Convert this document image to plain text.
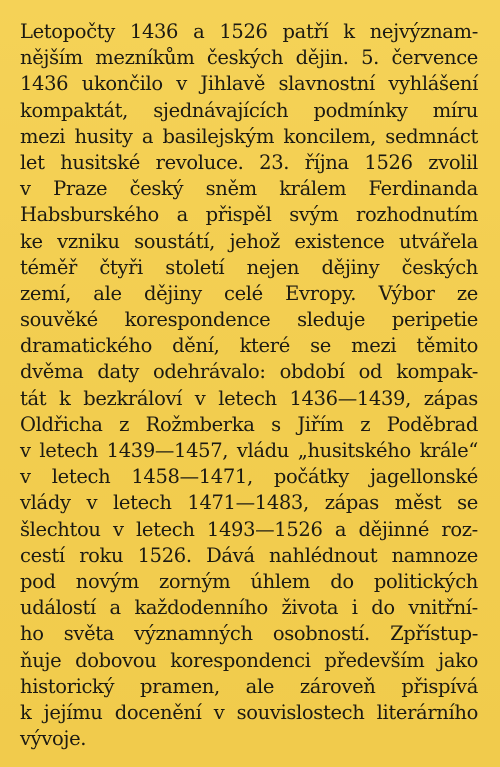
Letopočty 1436 a 1526 patří k nejvýznam-
nějším mezníkům českých dějin. 5. července
1436 ukončilo v Jihlavě slavnostní vyhlášení
kompaktát, sjednávajících podmínky míru
mezi husity a basilejským koncilem, sedmnáct
let husitské revoluce. 23. října 1526 zvolil
v Praze český sněm králem Ferdinanda
Habsburského a přispěl svým rozhodnutím
ke vzniku soustátí, jehož existence utvářela
téměř čtyři století nejen dějiny českých
zemí, ale dějiny celé Evropy. Výbor ze
souvěké korespondence sleduje peripetie
dramatického dění, které se mezi těmito
dvěma daty odehrávalo: období od kompak-
tát k bezkráloví v letech 1436—1439, zápas
Oldřicha z Rožmberka s Jiřím z Poděbrad
v letech 1439—1457, vládu „husitského krále“
v letech 1458—1471, počátky jagellonské
vlády v letech 1471—1483, zápas měst se
šlechtou v letech 1493—1526 a dějinné roz-
cestí roku 1526. Dává nahlédnout namnoze
pod novým zorným úhlem do politických
událostí a každodenního života i do vnitřní-
ho světa významných osobností. Zpřístup-
ňuje dobovou korespondenci především jako
historický pramen, ale zároveň přispívá
k jejímu docenění v souvislostech literárního
vývoje.
